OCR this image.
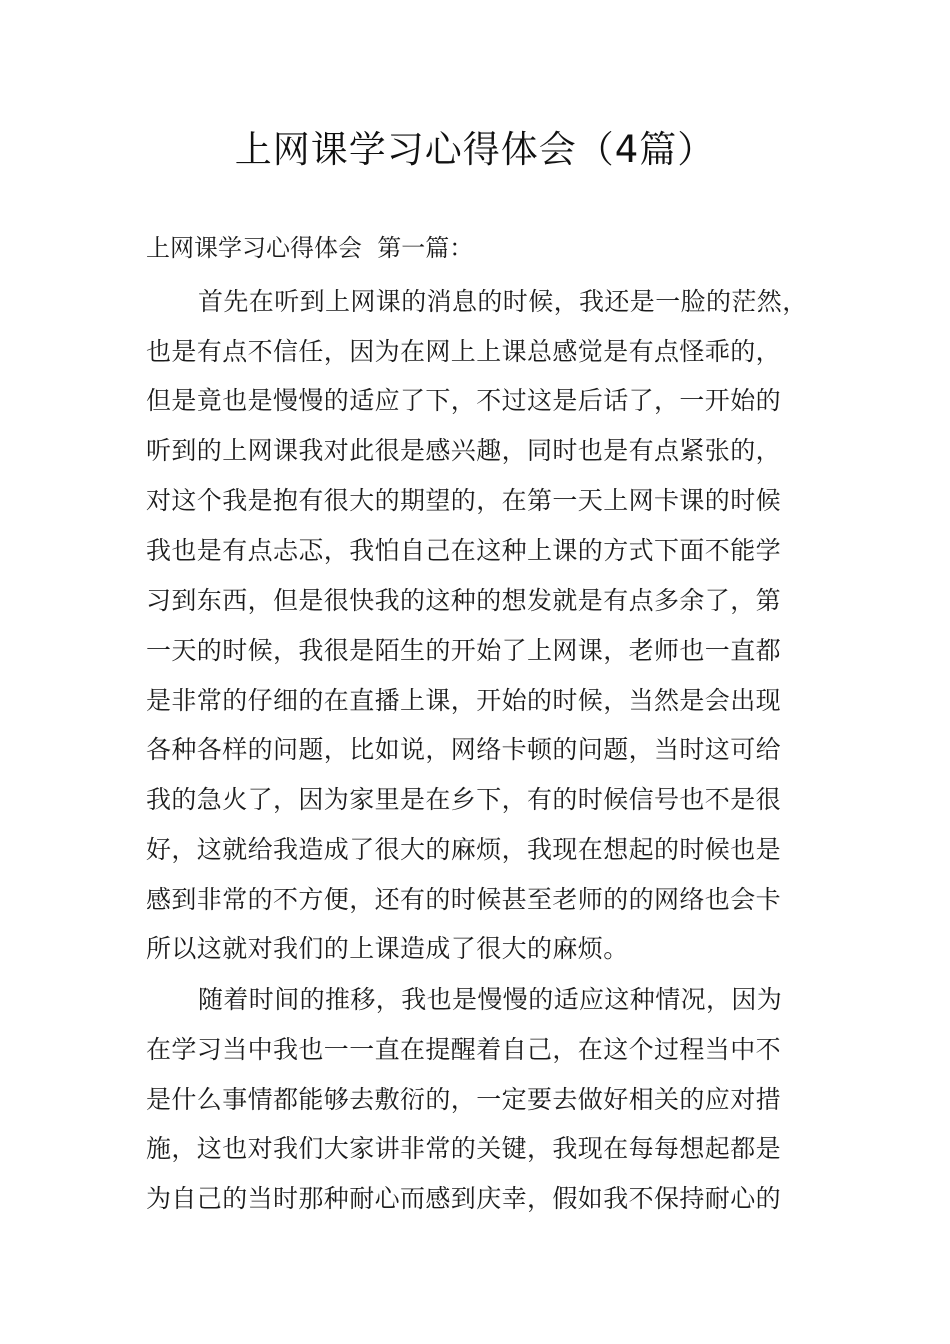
上网课学习心得体会（4篇）
上网课学习心得体会  第一篇：
首先在听到上网课的消息的时候，我还是一脸的茫然，
也是有点不信任，因为在网上上课总感觉是有点怪乖的，
但是竟也是慢慢的适应了下，不过这是后话了，一开始的
听到的上网课我对此很是感兴趣，同时也是有点紧张的，
对这个我是抱有很大的期望的，在第一天上网卡课的时候
我也是有点忐忑，我怕自己在这种上课的方式下面不能学
习到东西，但是很快我的这种的想发就是有点多余了，第
一天的时候，我很是陌生的开始了上网课，老师也一直都
是非常的仔细的在直播上课，开始的时候，当然是会出现
各种各样的问题，比如说，网络卡顿的问题，当时这可给
我的急火了，因为家里是在乡下，有的时候信号也不是很
好，这就给我造成了很大的麻烦，我现在想起的时候也是
感到非常的不方便，还有的时候甚至老师的的网络也会卡
所以这就对我们的上课造成了很大的麻烦。
随着时间的推移，我也是慢慢的适应这种情况，因为
在学习当中我也一一直在提醒着自己，在这个过程当中不
是什么事情都能够去敷衍的，一定要去做好相关的应对措
施，这也对我们大家讲非常的关键，我现在每每想起都是
为自己的当时那种耐心而感到庆幸，假如我不保持耐心的
